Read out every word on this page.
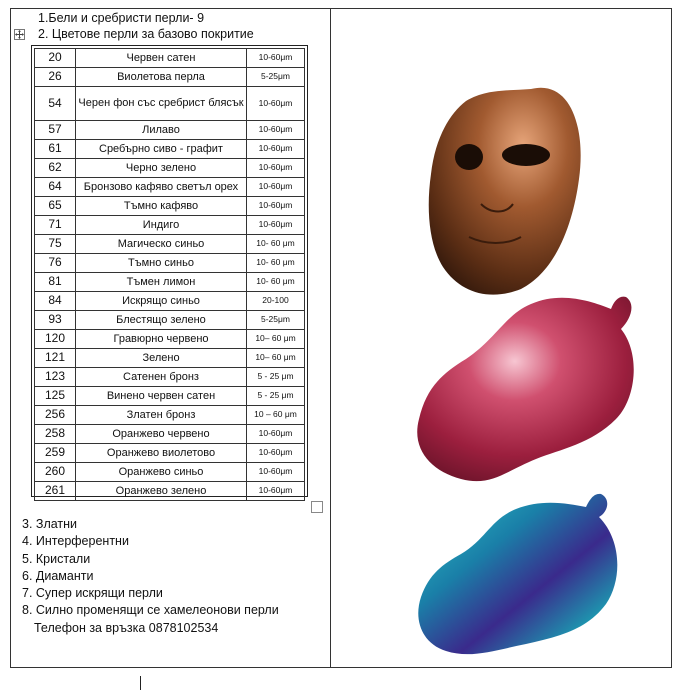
1.Бели и сребристи перли- 9
2. Цветове перли за базово покритие
20	Червен сатен	10-60μm
26	Виолетова перла	5-25μm
54	Черен фон със сребрист блясък	10-60μm
57	Лилаво	10-60μm
61	Сребърно сиво - графит	10-60μm
62	Черно зелено	10-60μm
64	Бронзово кафяво светъл орех	10-60μm
65	Тъмно кафяво	10-60μm
71	Индиго	10-60μm
75	Магическо синьо	10- 60 μm
76	Тъмно синьо	10- 60 μm
81	Тъмен лимон	10- 60 μm
84	Искрящо синьо	20-100
93	Блестящо зелено	5-25μm
120	Гравюрно червено	10– 60 μm
121	Зелено	10– 60 μm
123	Сатенен бронз	5 - 25 μm
125	Винено червен сатен	5 - 25 μm
256	Златен бронз	10 – 60 μm
258	Оранжево червено	10-60μm
259	Оранжево виолетово	10-60μm
260	Оранжево синьо	10-60μm
261	Оранжево зелено	10-60μm
3. Златни
4. Интерферентни
5. Кристали
6. Диаманти
7. Супер искрящи перли
8. Силно променящи се хамелеонови перли
Телефон за връзка 0878102534
